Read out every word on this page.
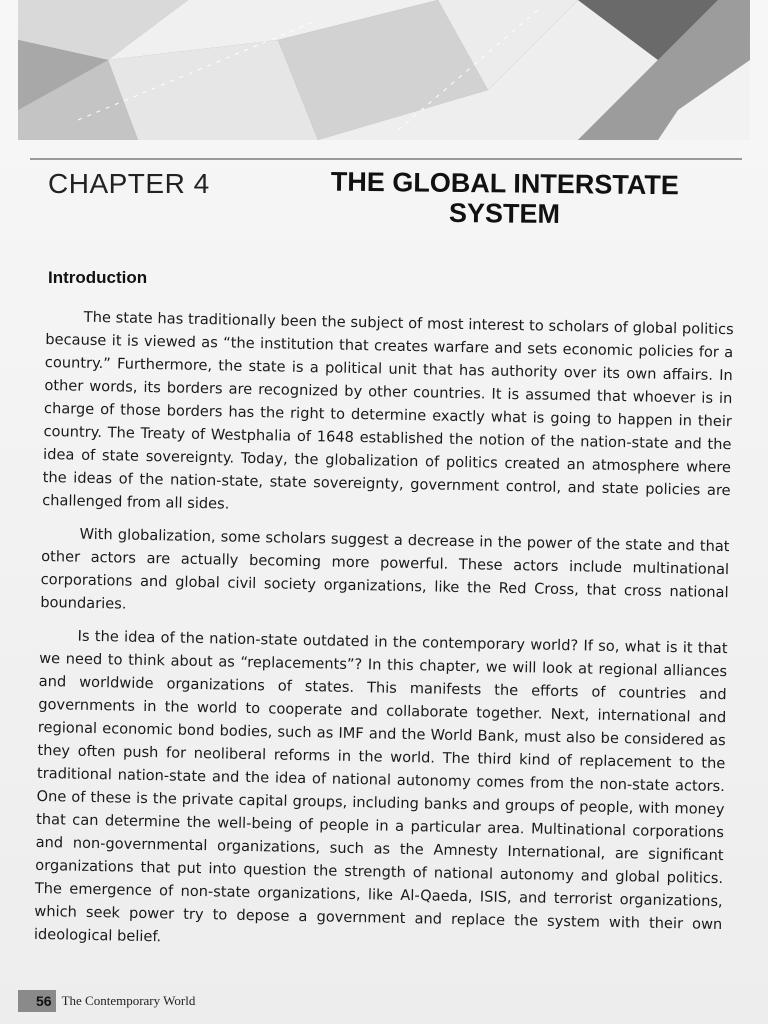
CHAPTER 4	THE GLOBAL INTERSTATE
SYSTEM
Introduction

The state has traditionally been the subject of most interest to scholars of global politics because it is viewed as “the institution that creates warfare and sets economic policies for a country.” Furthermore, the state is a political unit that has authority over its own affairs. In other words, its borders are recognized by other countries. It is assumed that whoever is in charge of those borders has the right to determine exactly what is going to happen in their country. The Treaty of Westphalia of 1648 established the notion of the nation-state and the idea of state sovereignty. Today, the globalization of politics created an atmosphere where the ideas of the nation-state, state sovereignty, government control, and state policies are challenged from all sides.

With globalization, some scholars suggest a decrease in the power of the state and that other actors are actually becoming more powerful. These actors include multinational corporations and global civil society organizations, like the Red Cross, that cross national boundaries.

Is the idea of the nation-state outdated in the contemporary world? If so, what is it that we need to think about as “replacements”? In this chapter, we will look at regional alliances and worldwide organizations of states. This manifests the efforts of countries and governments in the world to cooperate and collaborate together. Next, international and regional economic bond bodies, such as IMF and the World Bank, must also be considered as they often push for neoliberal reforms in the world. The third kind of replacement to the traditional nation-state and the idea of national autonomy comes from the non-state actors. One of these is the private capital groups, including banks and groups of people, with money that can determine the well-being of people in a particular area. Multinational corporations and non-governmental organizations, such as the Amnesty International, are significant organizations that put into question the strength of national autonomy and global politics. The emergence of non-state organizations, like Al-Qaeda, ISIS, and terrorist organizations, which seek power try to depose a government and replace the system with their own ideological belief.

56 The Contemporary World
